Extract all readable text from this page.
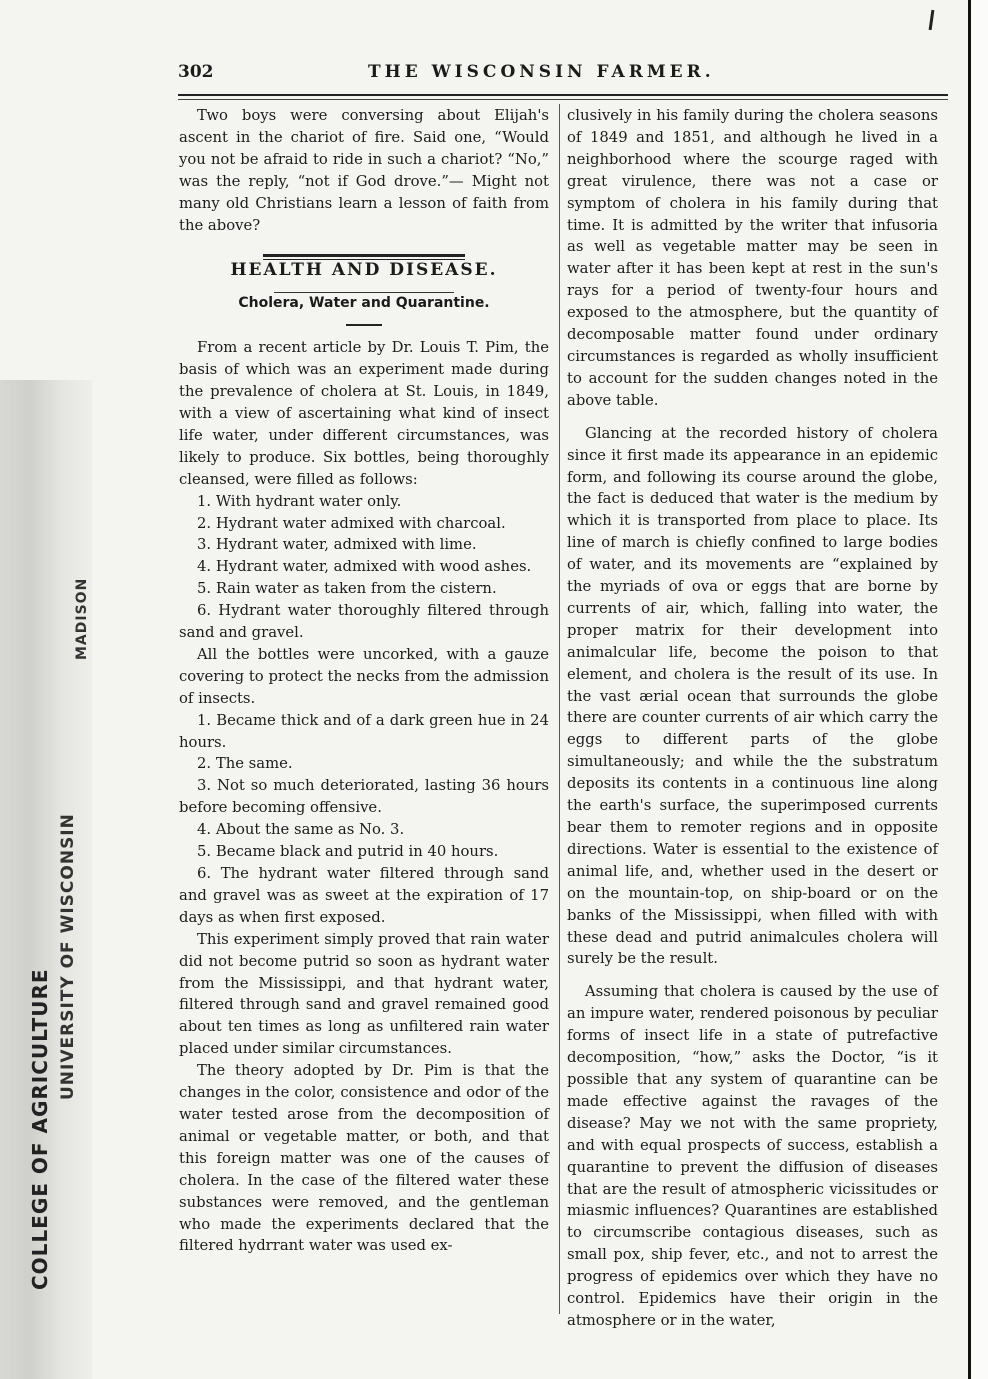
COLLEGE OF AGRICULTURE
UNIVERSITY OF WISCONSIN
MADISON
302	THE WISCONSIN FARMER.

Two boys were conversing about Elijah's ascent in the chariot of fire. Said one, “Would you not be afraid to ride in such a chariot? “No,” was the reply, “not if God drove.”— Might not many old Christians learn a lesson of faith from the above?

HEALTH AND DISEASE.

Cholera, Water and Quarantine.

From a recent article by Dr. Louis T. Pim, the basis of which was an experiment made during the prevalence of cholera at St. Louis, in 1849, with a view of ascertaining what kind of insect life water, under different circumstances, was likely to produce. Six bottles, being thoroughly cleansed, were filled as follows:

1. With hydrant water only.

2. Hydrant water admixed with charcoal.

3. Hydrant water, admixed with lime.

4. Hydrant water, admixed with wood ashes.

5. Rain water as taken from the cistern.

6. Hydrant water thoroughly filtered through sand and gravel.

All the bottles were uncorked, with a gauze covering to protect the necks from the admission of insects.

1. Became thick and of a dark green hue in 24 hours.

2. The same.

3. Not so much deteriorated, lasting 36 hours before becoming offensive.

4. About the same as No. 3.

5. Became black and putrid in 40 hours.

6. The hydrant water filtered through sand and gravel was as sweet at the expiration of 17 days as when first exposed.

This experiment simply proved that rain water did not become putrid so soon as hydrant water from the Mississippi, and that hydrant water, filtered through sand and gravel remained good about ten times as long as unfiltered rain water placed under similar circumstances.

The theory adopted by Dr. Pim is that the changes in the color, consistence and odor of the water tested arose from the decomposition of animal or vegetable matter, or both, and that this foreign matter was one of the causes of cholera. In the case of the filtered water these substances were removed, and the gentleman who made the experiments declared that the filtered hydrrant water was used ex-

clusively in his family during the cholera seasons of 1849 and 1851, and although he lived in a neighborhood where the scourge raged with great virulence, there was not a case or symptom of cholera in his family during that time. It is admitted by the writer that infusoria as well as vegetable matter may be seen in water after it has been kept at rest in the sun's rays for a period of twenty-four hours and exposed to the atmosphere, but the quantity of decomposable matter found under ordinary circumstances is regarded as wholly insufficient to account for the sudden changes noted in the above table.

Glancing at the recorded history of cholera since it first made its appearance in an epidemic form, and following its course around the globe, the fact is deduced that water is the medium by which it is transported from place to place. Its line of march is chiefly confined to large bodies of water, and its movements are “explained by the myriads of ova or eggs that are borne by currents of air, which, falling into water, the proper matrix for their development into animalcular life, become the poison to that element, and cholera is the result of its use. In the vast ærial ocean that surrounds the globe there are counter currents of air which carry the eggs to different parts of the globe simultaneously; and while the the substratum deposits its contents in a continuous line along the earth's surface, the superimposed currents bear them to remoter regions and in opposite directions. Water is essential to the existence of animal life, and, whether used in the desert or on the mountain-top, on ship-board or on the banks of the Mississippi, when filled with with these dead and putrid animalcules cholera will surely be the result.

Assuming that cholera is caused by the use of an impure water, rendered poisonous by peculiar forms of insect life in a state of putrefactive decomposition, “how,” asks the Doctor, “is it possible that any system of quarantine can be made effective against the ravages of the disease? May we not with the same propriety, and with equal prospects of success, establish a quarantine to prevent the diffusion of diseases that are the result of atmospheric vicissitudes or miasmic influences? Quarantines are established to circumscribe contagious diseases, such as small pox, ship fever, etc., and not to arrest the progress of epidemics over which they have no control. Epidemics have their origin in the atmosphere or in the water,
